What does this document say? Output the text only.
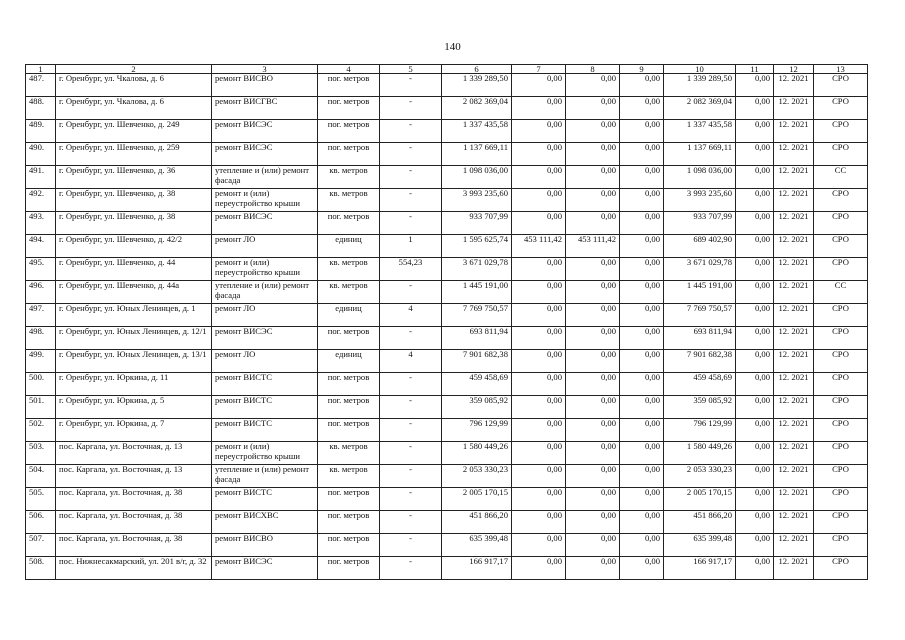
140
1	2	3	4	5	6	7	8	9	10	11	12	13
487.	г. Оренбург, ул. Чкалова, д. 6	ремонт ВИСВО	пог. метров	-	1 339 289,50	0,00	0,00	0,00	1 339 289,50	0,00	12. 2021	СРО
488.	г. Оренбург, ул. Чкалова, д. 6	ремонт ВИСГВС	пог. метров	-	2 082 369,04	0,00	0,00	0,00	2 082 369,04	0,00	12. 2021	СРО
489.	г. Оренбург, ул. Шевченко, д. 249	ремонт ВИСЭС	пог. метров	-	1 337 435,58	0,00	0,00	0,00	1 337 435,58	0,00	12. 2021	СРО
490.	г. Оренбург, ул. Шевченко, д. 259	ремонт ВИСЭС	пог. метров	-	1 137 669,11	0,00	0,00	0,00	1 137 669,11	0,00	12. 2021	СРО
491.	г. Оренбург, ул. Шевченко, д. 36	утепление и (или) ремонт фасада	кв. метров	-	1 098 036,00	0,00	0,00	0,00	1 098 036,00	0,00	12. 2021	СС
492.	г. Оренбург, ул. Шевченко, д. 38	ремонт и (или) переустройство крыши	кв. метров	-	3 993 235,60	0,00	0,00	0,00	3 993 235,60	0,00	12. 2021	СРО
493.	г. Оренбург, ул. Шевченко, д. 38	ремонт ВИСЭС	пог. метров	-	933 707,99	0,00	0,00	0,00	933 707,99	0,00	12. 2021	СРО
494.	г. Оренбург, ул. Шевченко, д. 42/2	ремонт ЛО	единиц	1	1 595 625,74	453 111,42	453 111,42	0,00	689 402,90	0,00	12. 2021	СРО
495.	г. Оренбург, ул. Шевченко, д. 44	ремонт и (или) переустройство крыши	кв. метров	554,23	3 671 029,78	0,00	0,00	0,00	3 671 029,78	0,00	12. 2021	СРО
496.	г. Оренбург, ул. Шевченко, д. 44а	утепление и (или) ремонт фасада	кв. метров	-	1 445 191,00	0,00	0,00	0,00	1 445 191,00	0,00	12. 2021	СС
497.	г. Оренбург, ул. Юных Ленинцев, д. 1	ремонт ЛО	единиц	4	7 769 750,57	0,00	0,00	0,00	7 769 750,57	0,00	12. 2021	СРО
498.	г. Оренбург, ул. Юных Ленинцев, д. 12/1	ремонт ВИСЭС	пог. метров	-	693 811,94	0,00	0,00	0,00	693 811,94	0,00	12. 2021	СРО
499.	г. Оренбург, ул. Юных Ленинцев, д. 13/1	ремонт ЛО	единиц	4	7 901 682,38	0,00	0,00	0,00	7 901 682,38	0,00	12. 2021	СРО
500.	г. Оренбург, ул. Юркина, д. 11	ремонт ВИСТС	пог. метров	-	459 458,69	0,00	0,00	0,00	459 458,69	0,00	12. 2021	СРО
501.	г. Оренбург, ул. Юркина, д. 5	ремонт ВИСТС	пог. метров	-	359 085,92	0,00	0,00	0,00	359 085,92	0,00	12. 2021	СРО
502.	г. Оренбург, ул. Юркина, д. 7	ремонт ВИСТС	пог. метров	-	796 129,99	0,00	0,00	0,00	796 129,99	0,00	12. 2021	СРО
503.	пос. Каргала, ул. Восточная, д. 13	ремонт и (или) переустройство крыши	кв. метров	-	1 580 449,26	0,00	0,00	0,00	1 580 449,26	0,00	12. 2021	СРО
504.	пос. Каргала, ул. Восточная, д. 13	утепление и (или) ремонт фасада	кв. метров	-	2 053 330,23	0,00	0,00	0,00	2 053 330,23	0,00	12. 2021	СРО
505.	пос. Каргала, ул. Восточная, д. 38	ремонт ВИСТС	пог. метров	-	2 005 170,15	0,00	0,00	0,00	2 005 170,15	0,00	12. 2021	СРО
506.	пос. Каргала, ул. Восточная, д. 38	ремонт ВИСХВС	пог. метров	-	451 866,20	0,00	0,00	0,00	451 866,20	0,00	12. 2021	СРО
507.	пос. Каргала, ул. Восточная, д. 38	ремонт ВИСВО	пог. метров	-	635 399,48	0,00	0,00	0,00	635 399,48	0,00	12. 2021	СРО
508.	пос. Нижнесакмарский, ул. 201 в/г, д. 32	ремонт ВИСЭС	пог. метров	-	166 917,17	0,00	0,00	0,00	166 917,17	0,00	12. 2021	СРО
